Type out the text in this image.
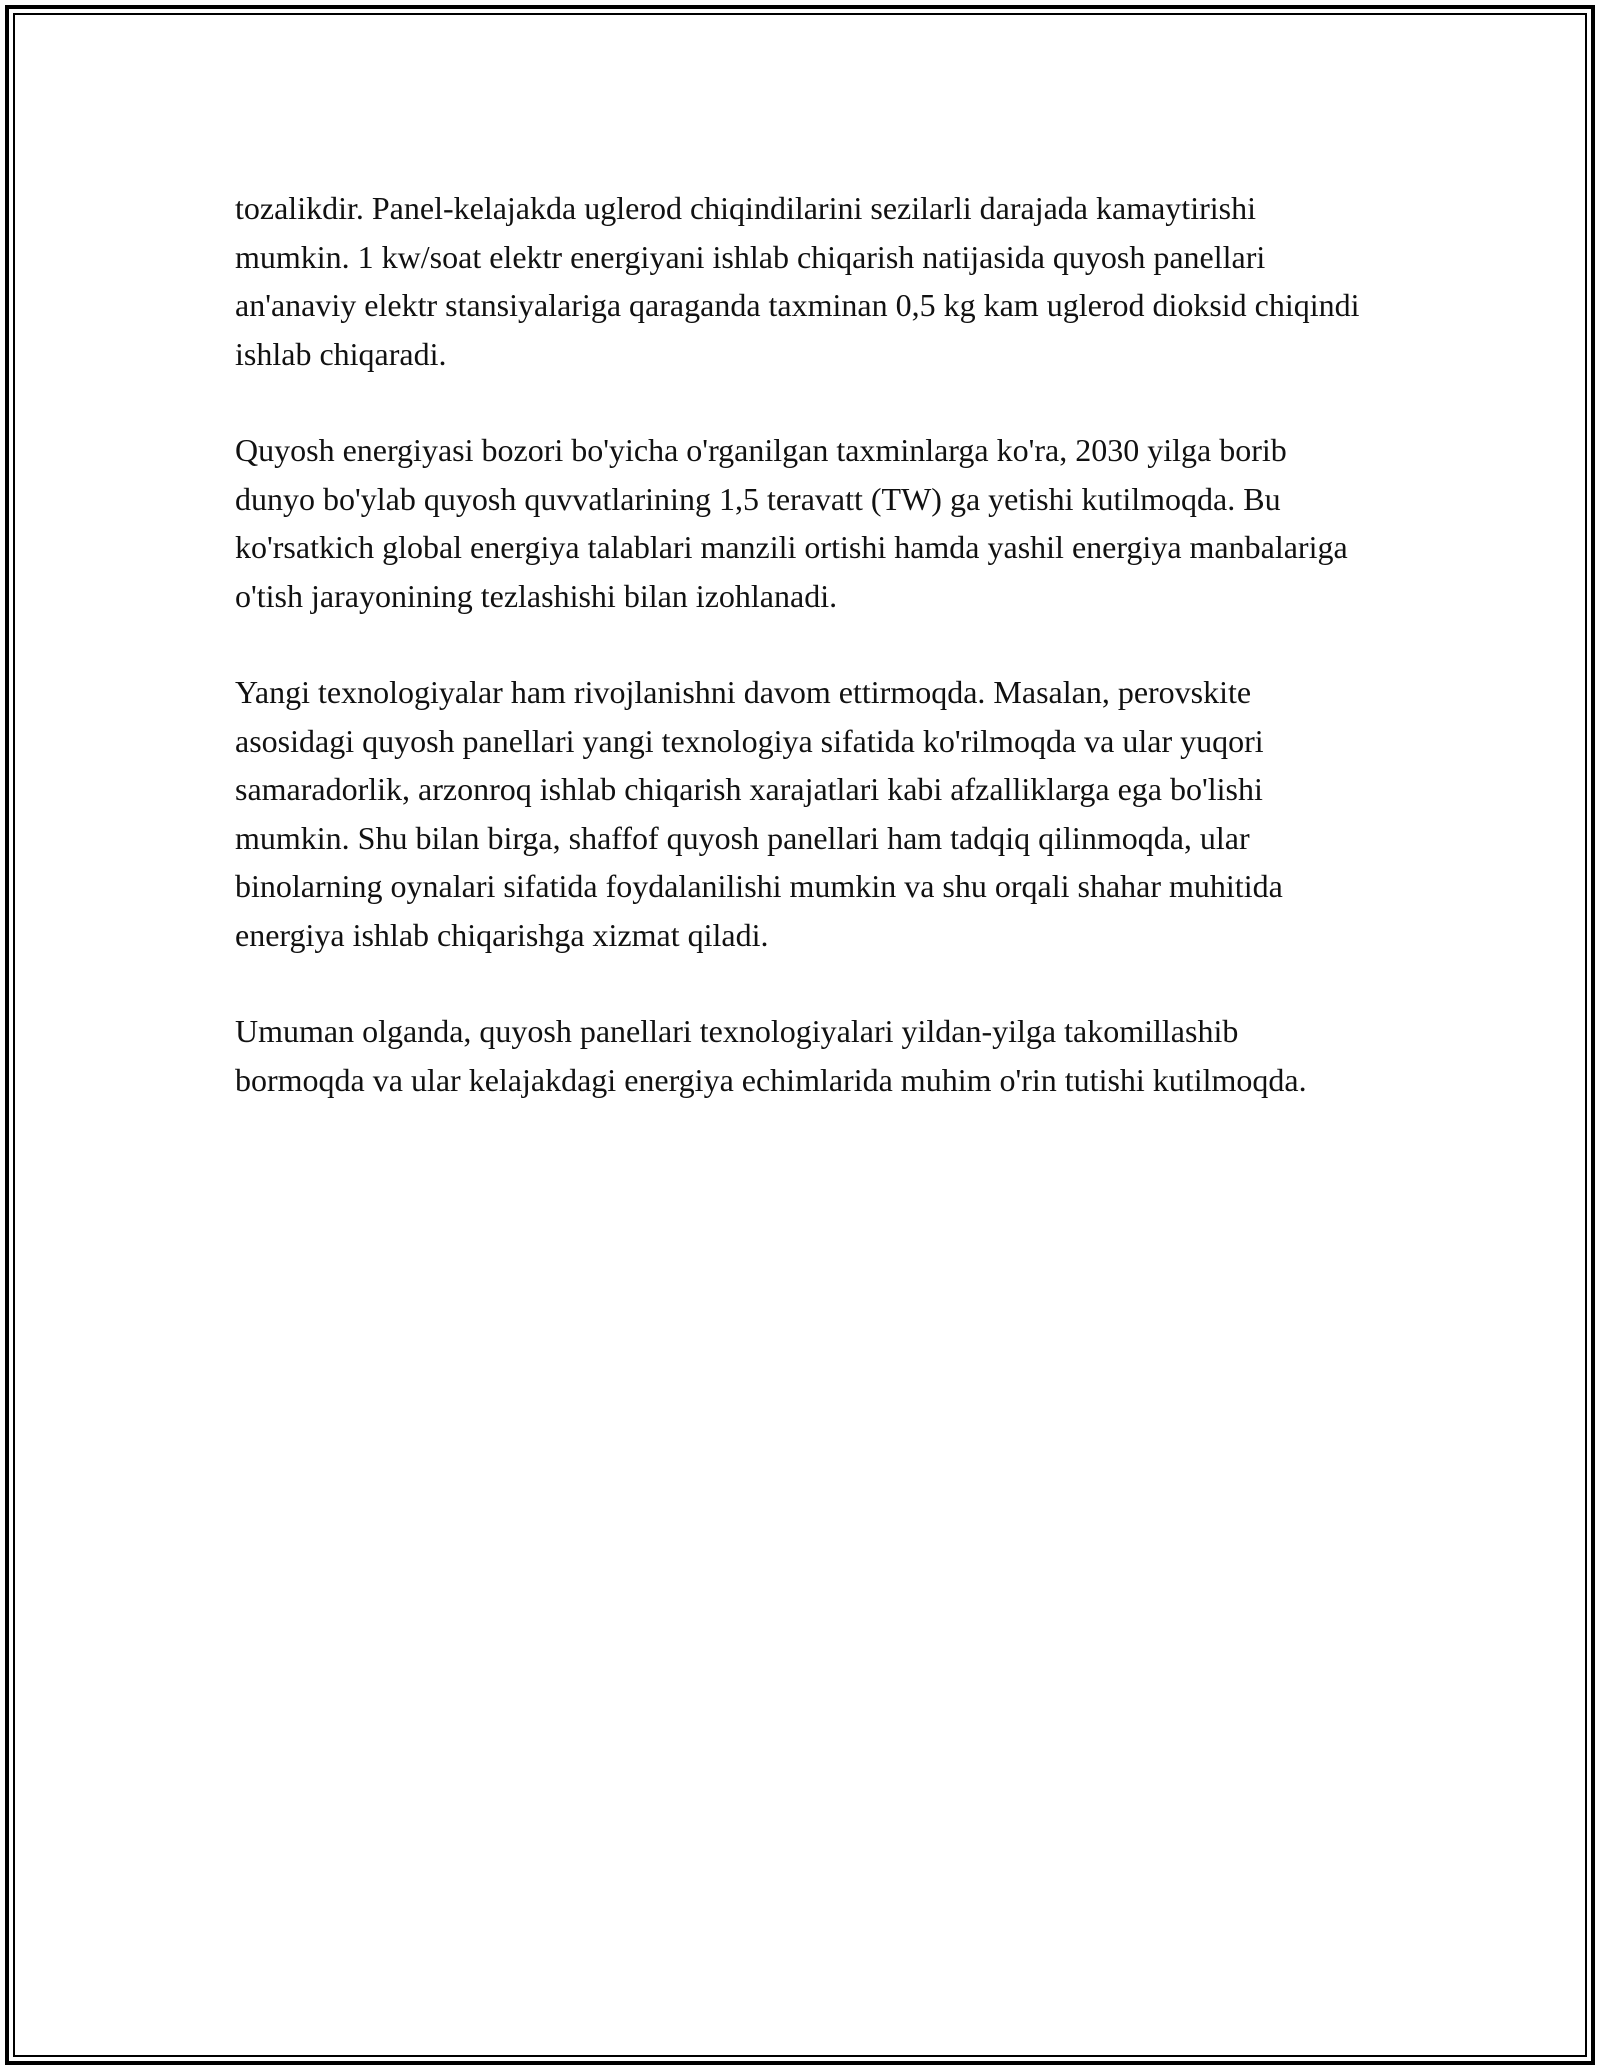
tozalikdir. Panel-kelajakda uglerod chiqindilarini sezilarli darajada kamaytirishi mumkin. 1 kw/soat elektr energiyani ishlab chiqarish natijasida quyosh panellari an'anaviy elektr stansiyalariga qaraganda taxminan 0,5 kg kam uglerod dioksid chiqindi ishlab chiqaradi.

Quyosh energiyasi bozori bo'yicha o'rganilgan taxminlarga ko'ra, 2030 yilga borib dunyo bo'ylab quyosh quvvatlarining 1,5 teravatt (TW) ga yetishi kutilmoqda. Bu ko'rsatkich global energiya talablari manzili ortishi hamda yashil energiya manbalariga o'tish jarayonining tezlashishi bilan izohlanadi.

Yangi texnologiyalar ham rivojlanishni davom ettirmoqda. Masalan, perovskite asosidagi quyosh panellari yangi texnologiya sifatida ko'rilmoqda va ular yuqori samaradorlik, arzonroq ishlab chiqarish xarajatlari kabi afzalliklarga ega bo'lishi mumkin. Shu bilan birga, shaffof quyosh panellari ham tadqiq qilinmoqda, ular binolarning oynalari sifatida foydalanilishi mumkin va shu orqali shahar muhitida energiya ishlab chiqarishga xizmat qiladi.

Umuman olganda, quyosh panellari texnologiyalari yildan-yilga takomillashib bormoqda va ular kelajakdagi energiya echimlarida muhim o'rin tutishi kutilmoqda.
